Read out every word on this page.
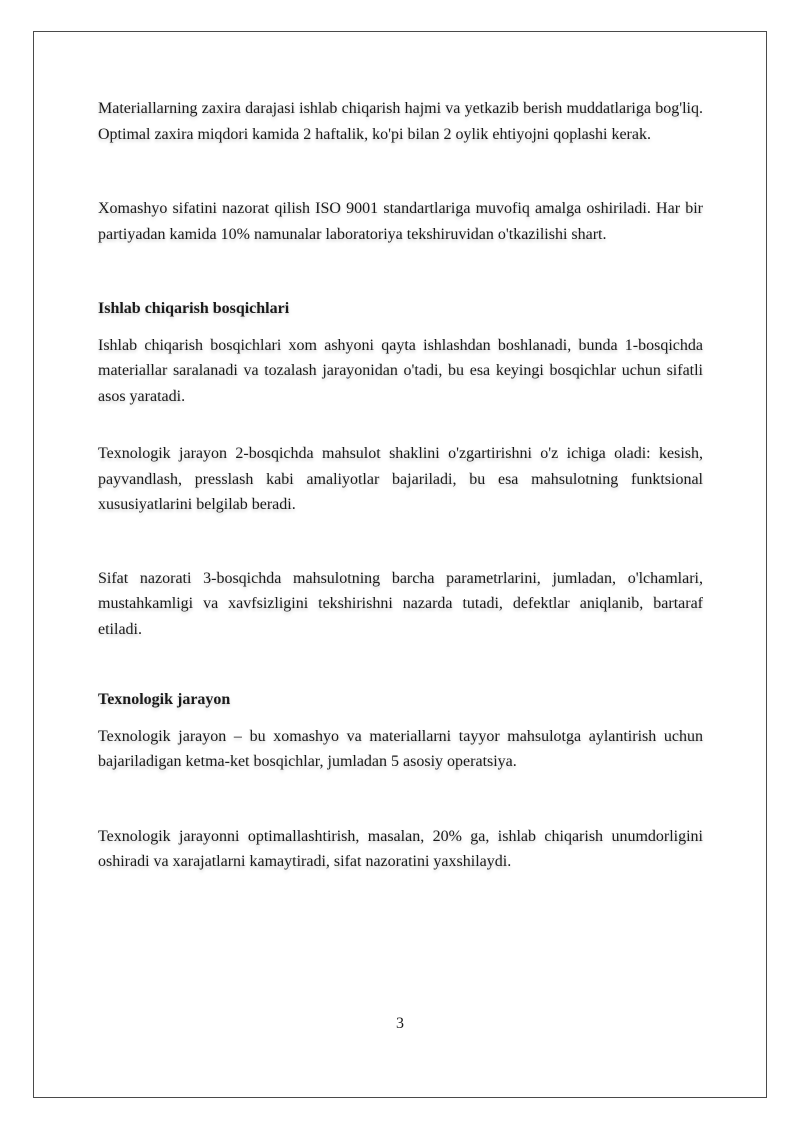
Materiallarning zaxira darajasi ishlab chiqarish hajmi va yetkazib berish muddatlariga bog'liq. Optimal zaxira miqdori kamida 2 haftalik, ko'pi bilan 2 oylik ehtiyojni qoplashi kerak.

Xomashyo sifatini nazorat qilish ISO 9001 standartlariga muvofiq amalga oshiriladi. Har bir partiyadan kamida 10% namunalar laboratoriya tekshiruvidan o'tkazilishi shart.

Ishlab chiqarish bosqichlari

Ishlab chiqarish bosqichlari xom ashyoni qayta ishlashdan boshlanadi, bunda 1-bosqichda materiallar saralanadi va tozalash jarayonidan o'tadi, bu esa keyingi bosqichlar uchun sifatli asos yaratadi.

Texnologik jarayon 2-bosqichda mahsulot shaklini o'zgartirishni o'z ichiga oladi: kesish, payvandlash, presslash kabi amaliyotlar bajariladi, bu esa mahsulotning funktsional xususiyatlarini belgilab beradi.

Sifat nazorati 3-bosqichda mahsulotning barcha parametrlarini, jumladan, o'lchamlari, mustahkamligi va xavfsizligini tekshirishni nazarda tutadi, defektlar aniqlanib, bartaraf etiladi.

Texnologik jarayon

Texnologik jarayon – bu xomashyo va materiallarni tayyor mahsulotga aylantirish uchun bajariladigan ketma-ket bosqichlar, jumladan 5 asosiy operatsiya.

Texnologik jarayonni optimallashtirish, masalan, 20% ga, ishlab chiqarish unumdorligini oshiradi va xarajatlarni kamaytiradi, sifat nazoratini yaxshilaydi.

3
